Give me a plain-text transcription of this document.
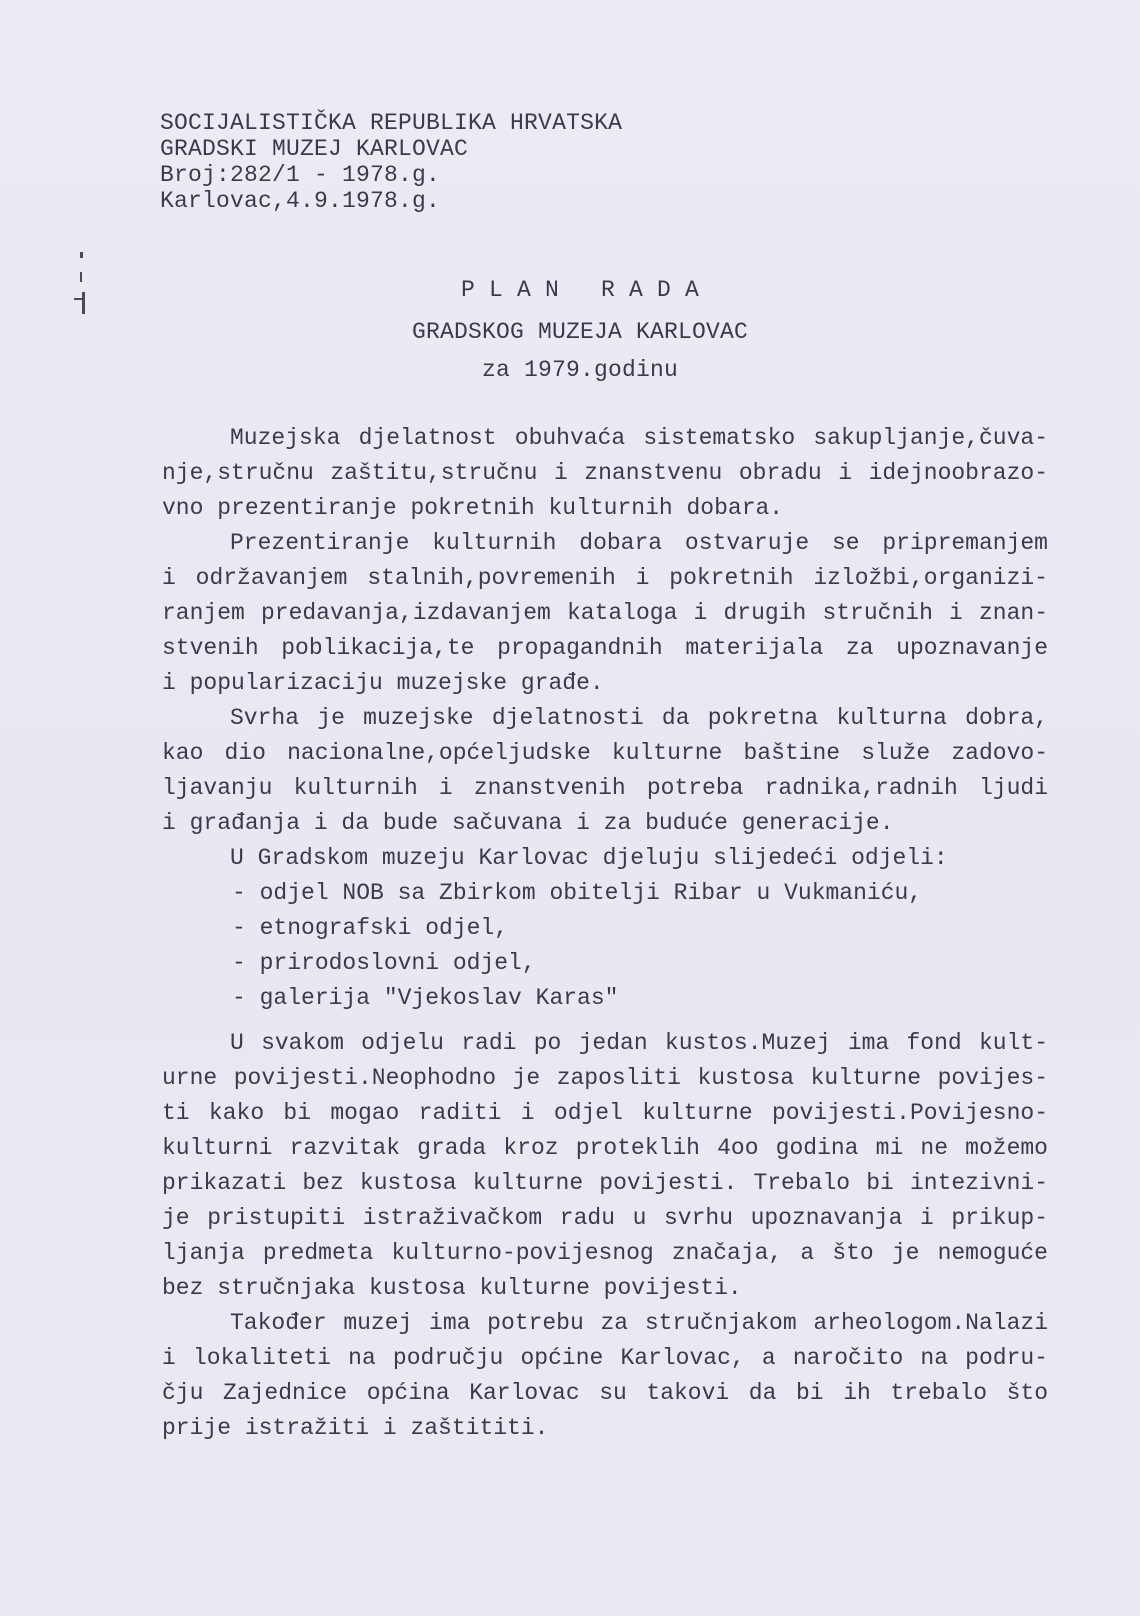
SOCIJALISTIČKA REPUBLIKA HRVATSKA
GRADSKI MUZEJ KARLOVAC
Broj:282/1 - 1978.g.
Karlovac,4.9.1978.g.
P L A N   R A D A
GRADSKOG MUZEJA KARLOVAC
za 1979.godinu
Muzejska djelatnost obuhvaća sistematsko sakupljanje,čuva-
nje,stručnu zaštitu,stručnu i znanstvenu obradu i idejnoobrazo-
vno prezentiranje pokretnih kulturnih dobara.
Prezentiranje kulturnih dobara ostvaruje se pripremanjem
i održavanjem stalnih,povremenih i pokretnih izložbi,organizi-
ranjem predavanja,izdavanjem kataloga i drugih stručnih i znan-
stvenih poblikacija,te propagandnih materijala za upoznavanje
i popularizaciju muzejske građe.
Svrha je muzejske djelatnosti da pokretna kulturna dobra,
kao dio nacionalne,općeljudske kulturne baštine služe zadovo-
ljavanju kulturnih i znanstvenih potreba radnika,radnih ljudi
i građanja i da bude sačuvana i za buduće generacije.
U Gradskom muzeju Karlovac djeluju slijedeći odjeli:
- odjel NOB sa Zbirkom obitelji Ribar u Vukmaniću,
- etnografski odjel,
- prirodoslovni odjel,
- galerija "Vjekoslav Karas"
U svakom odjelu radi po jedan kustos.Muzej ima fond kult-
urne povijesti.Neophodno je zaposliti kustosa kulturne povijes-
ti kako bi mogao raditi i odjel kulturne povijesti.Povijesno-
kulturni razvitak grada kroz proteklih 4oo godina mi ne možemo
prikazati bez kustosa kulturne povijesti. Trebalo bi intezivni-
je pristupiti istraživačkom radu u svrhu upoznavanja i prikup-
ljanja predmeta kulturno-povijesnog značaja, a što je nemoguće
bez stručnjaka kustosa kulturne povijesti.
Također muzej ima potrebu za stručnjakom arheologom.Nalazi
i lokaliteti na području općine Karlovac, a naročito na podru-
čju Zajednice općina Karlovac su takovi da bi ih trebalo što
prije istražiti i zaštititi.
